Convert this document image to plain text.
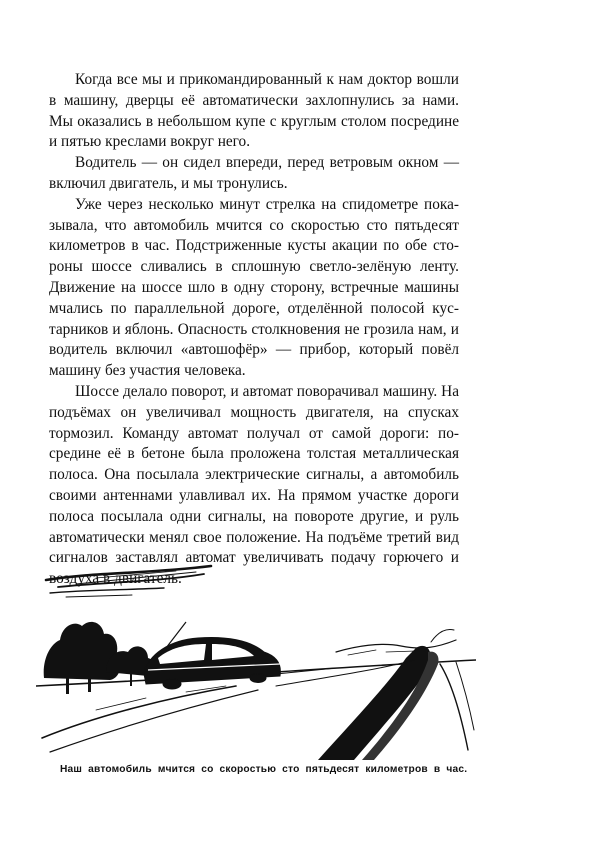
Когда все мы и прикомандированный к нам доктор вошли в машину, дверцы её автоматически захлопнулись за нами. Мы оказались в небольшом купе с круглым столом посредине и пятью креслами вокруг него.

Водитель — он сидел впереди, перед ветровым окном — включил двигатель, и мы тронулись.

Уже через несколько минут стрелка на спидометре показывала, что автомобиль мчится со скоростью сто пятьдесят километров в час. Подстриженные кусты акации по обе стороны шоссе сливались в сплошную светло-зелёную ленту. Движение на шоссе шло в одну сторону, встречные машины мчались по параллельной дороге, отделённой полосой кустарников и яблонь. Опасность столкновения не грозила нам, и водитель включил «автошофёр» — прибор, который повёл машину без участия человека.

Шоссе делало поворот, и автомат поворачивал машину. На подъёмах он увеличивал мощность двигателя, на спусках тормозил. Команду автомат получал от самой дороги: посредине её в бетоне была проложена толстая металлическая полоса. Она посылала электрические сигналы, а автомобиль своими антеннами улавливал их. На прямом участке дороги полоса посылала одни сигналы, на повороте другие, и руль автоматически менял свое положение. На подъёме третий вид сигналов заставлял автомат увеличивать подачу горючего и воздуха в двигатель.

Наш автомобиль мчится со скоростью сто пятьдесят километров в час.
